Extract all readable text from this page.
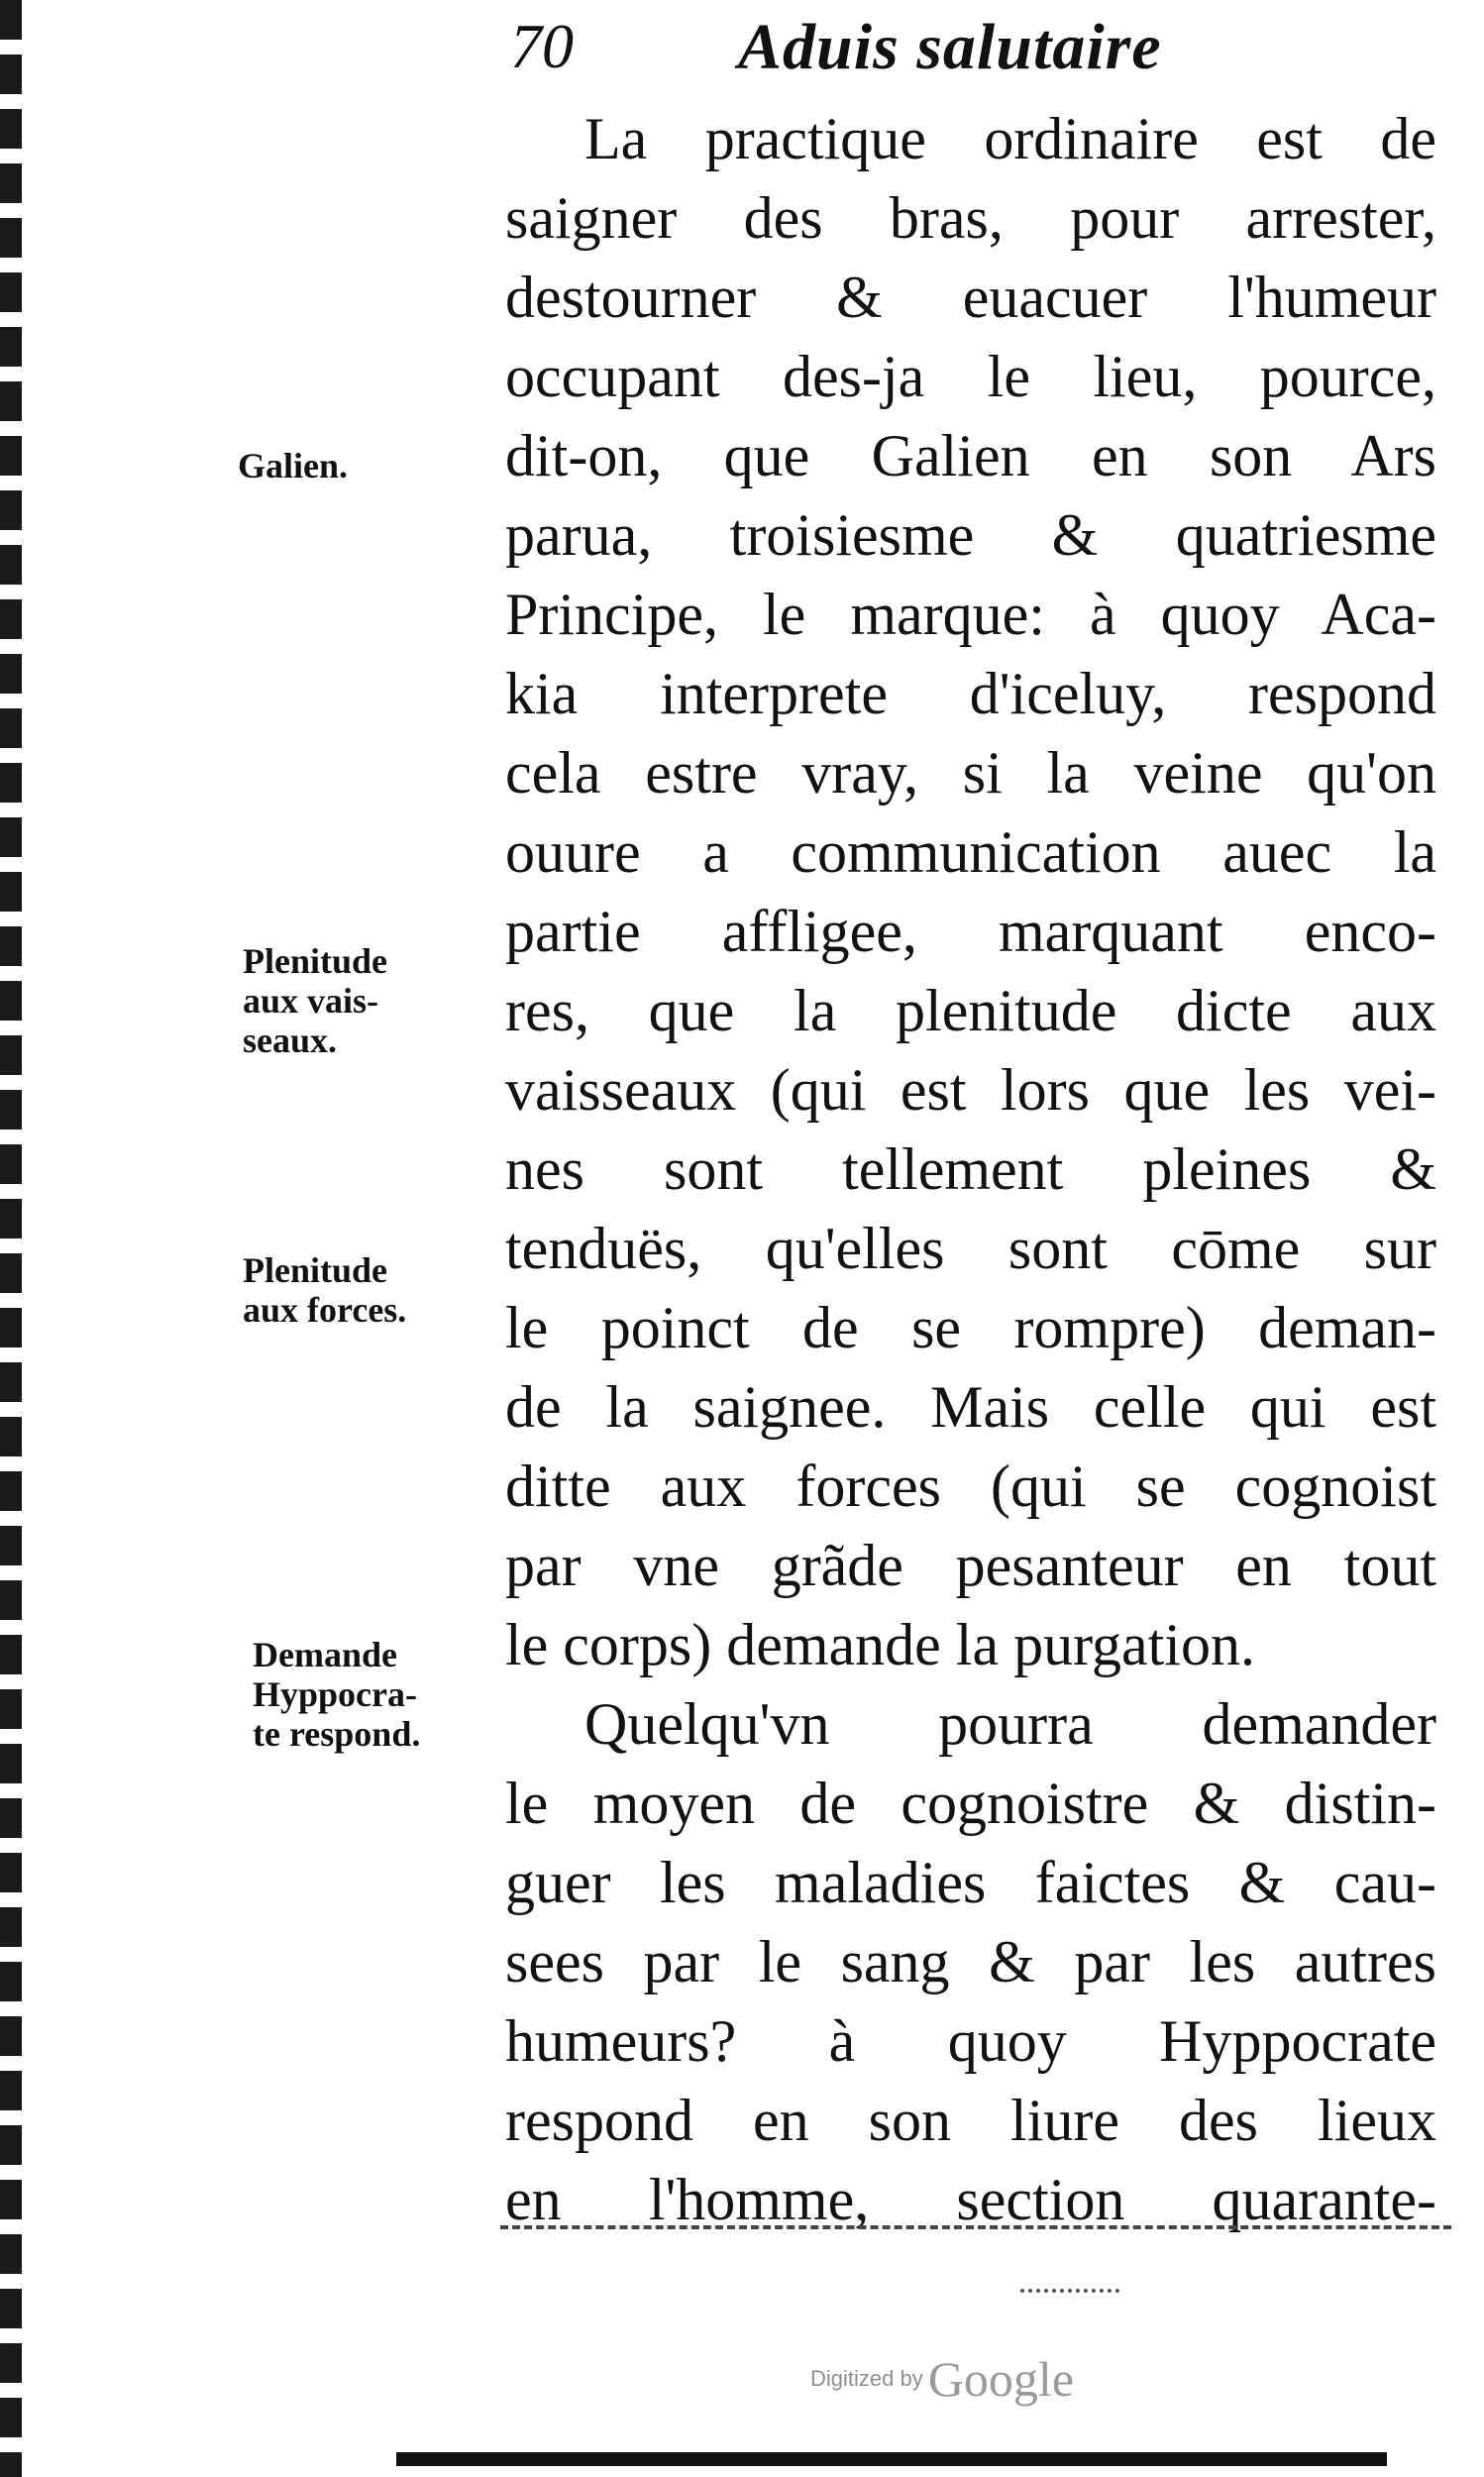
70	Aduis salutaire
La practique ordinaire est de
saigner des bras, pour arrester,
destourner & euacuer l'humeur
occupant des-ja le lieu, pource,
dit-on, que Galien en son Ars
parua, troisiesme & quatriesme
Principe, le marque: à quoy Aca-
kia interprete d'iceluy, respond
cela estre vray, si la veine qu'on
ouure a communication auec la
partie affligee, marquant enco-
res, que la plenitude dicte aux
vaisseaux (qui est lors que les vei-
nes sont tellement pleines &
tenduës, qu'elles sont cōme sur
le poinct de se rompre) deman-
de la saignee. Mais celle qui est
ditte aux forces (qui se cognoist
par vne grãde pesanteur en tout
le corps) demande la purgation.
Quelqu'vn pourra demander
le moyen de cognoistre & distin-
guer les maladies faictes & cau-
sees par le sang & par les autres
humeurs? à quoy Hyppocrate
respond en son liure des lieux
en l'homme, section quarante-
Galien.
Plenitude
aux vais-
seaux.
Plenitude
aux forces.
Demande
Hyppocra-
te respond.
Digitized by Google
